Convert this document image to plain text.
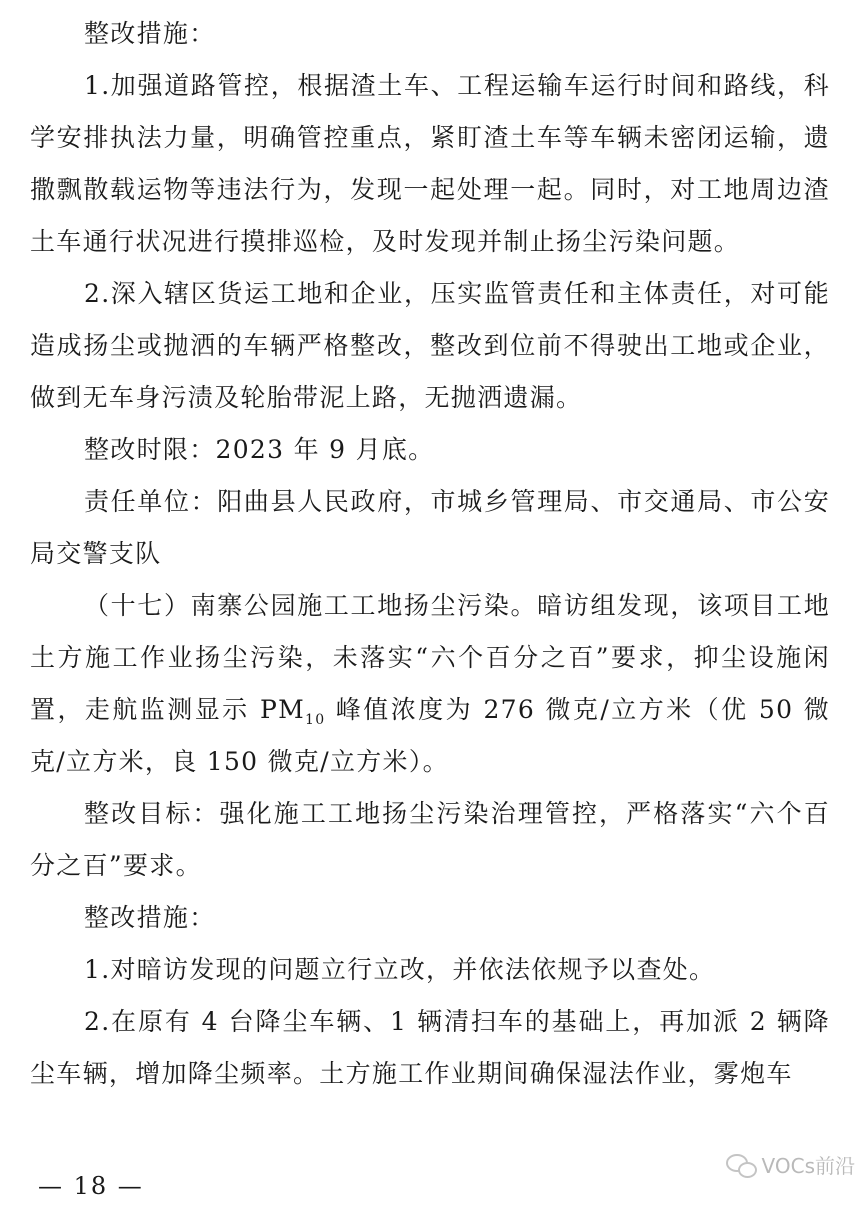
整改措施：

1.加强道路管控，根据渣土车、工程运输车运行时间和路线，科学安排执法力量，明确管控重点，紧盯渣土车等车辆未密闭运输，遗撒飘散载运物等违法行为，发现一起处理一起。同时，对工地周边渣土车通行状况进行摸排巡检，及时发现并制止扬尘污染问题。

2.深入辖区货运工地和企业，压实监管责任和主体责任，对可能造成扬尘或抛洒的车辆严格整改，整改到位前不得驶出工地或企业，做到无车身污渍及轮胎带泥上路，无抛洒遗漏。

整改时限：2023 年 9 月底。

责任单位：阳曲县人民政府，市城乡管理局、市交通局、市公安局交警支队

（十七）南寨公园施工工地扬尘污染。暗访组发现，该项目工地土方施工作业扬尘污染，未落实“六个百分之百”要求，抑尘设施闲置，走航监测显示 $PM_{10}$ 峰值浓度为 276 微克/立方米（优 50 微克/立方米，良 150 微克/立方米）。

整改目标：强化施工工地扬尘污染治理管控，严格落实“六个百分之百”要求。

整改措施：

1.对暗访发现的问题立行立改，并依法依规予以查处。

2.在原有 4 台降尘车辆、1 辆清扫车的基础上，再加派 2 辆降尘车辆，增加降尘频率。土方施工作业期间确保湿法作业，雾炮车

— 18 —
VOCs前沿
